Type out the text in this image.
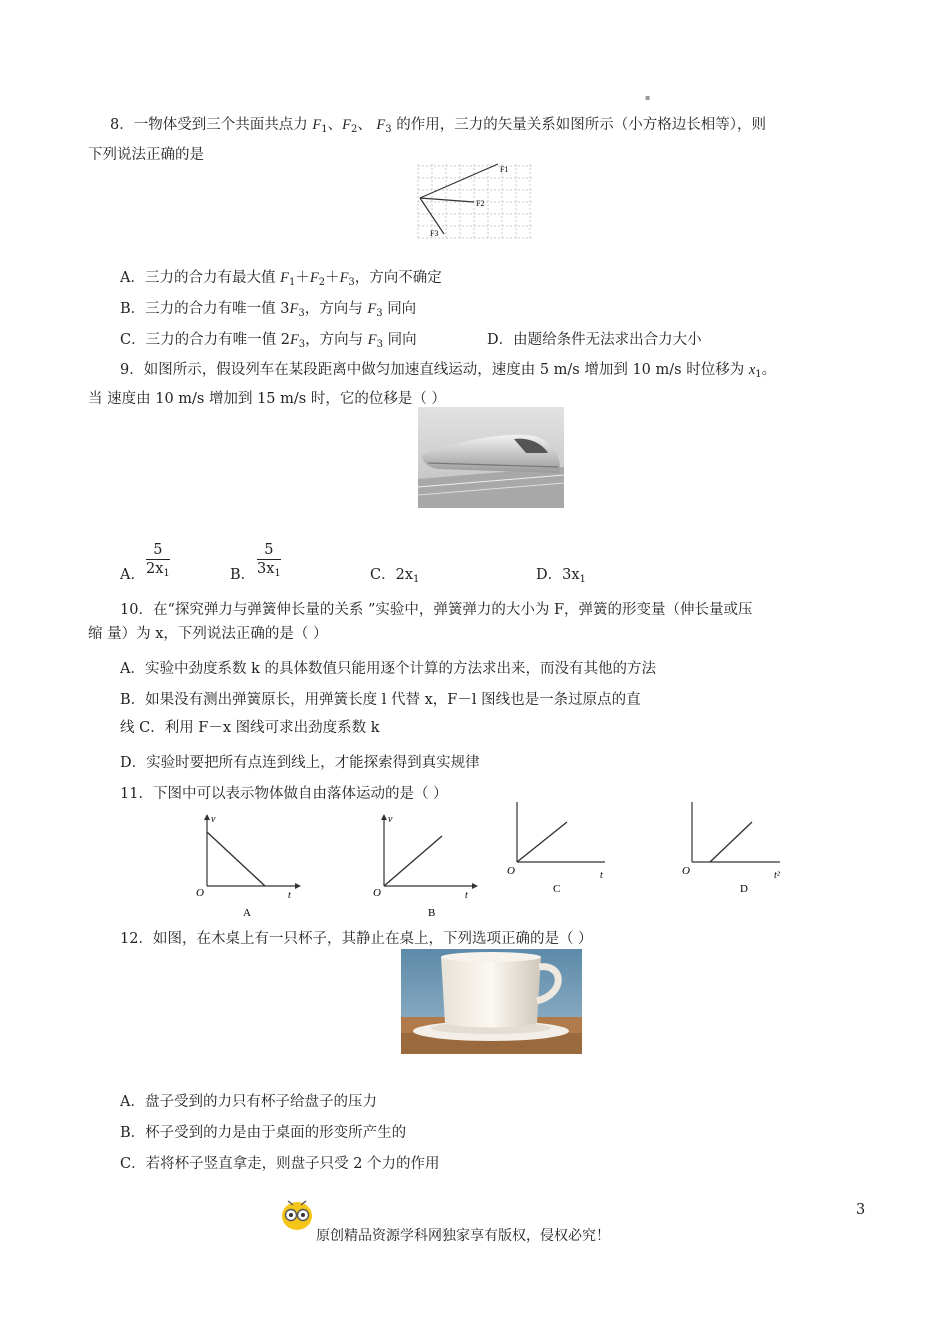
▪
8．一物体受到三个共面共点力 $F_1$、$F_2$、 $F_3$ 的作用，三力的矢量关系如图所示（小方格边长相等），则
下列说法正确的是
F1
F2
F3
A．三力的合力有最大值 $F_1+F_2+F_3$，方向不确定
B．三力的合力有唯一值 $3F_3$，方向与 $F_3$ 同向
C．三力的合力有唯一值 $2F_3$，方向与 $F_3$ 同向	D．由题给条件无法求出合力大小
9．如图所示，假设列车在某段距离中做匀加速直线运动，速度由 5 m/s 增加到 10 m/s 时位移为 $x_1$。
当 速度由 10 m/s 增加到 15 m/s 时，它的位移是（ ）
A． $\frac{5}{2x_1}$	B． $\frac{5}{3x_1}$	C．$2x_1$	D．$3x_1$
10．在“探究弹力与弹簧伸长量的关系 ”实验中，弹簧弹力的大小为 F，弹簧的形变量（伸长量或压
缩 量）为 x，下列说法正确的是（ ）
A．实验中劲度系数 k 的具体数值只能用逐个计算的方法求出来，而没有其他的方法
B．如果没有测出弹簧原长，用弹簧长度 l 代替 x，F－l 图线也是一条过原点的直
线 C．利用 F－x 图线可求出劲度系数 k
D．实验时要把所有点连到线上，才能探索得到真实规律
11．下图中可以表示物体做自由落体运动的是（ ）
v
t
O
A
v
t
O
B
t
O
C
t²
O
D
12．如图，在木桌上有一只杯子，其静止在桌上，下列选项正确的是（ ）
A．盘子受到的力只有杯子给盘子的压力
B．杯子受到的力是由于桌面的形变所产生的
C．若将杯子竖直拿走，则盘子只受 2 个力的作用
3
原创精品资源学科网独家享有版权，侵权必究！
